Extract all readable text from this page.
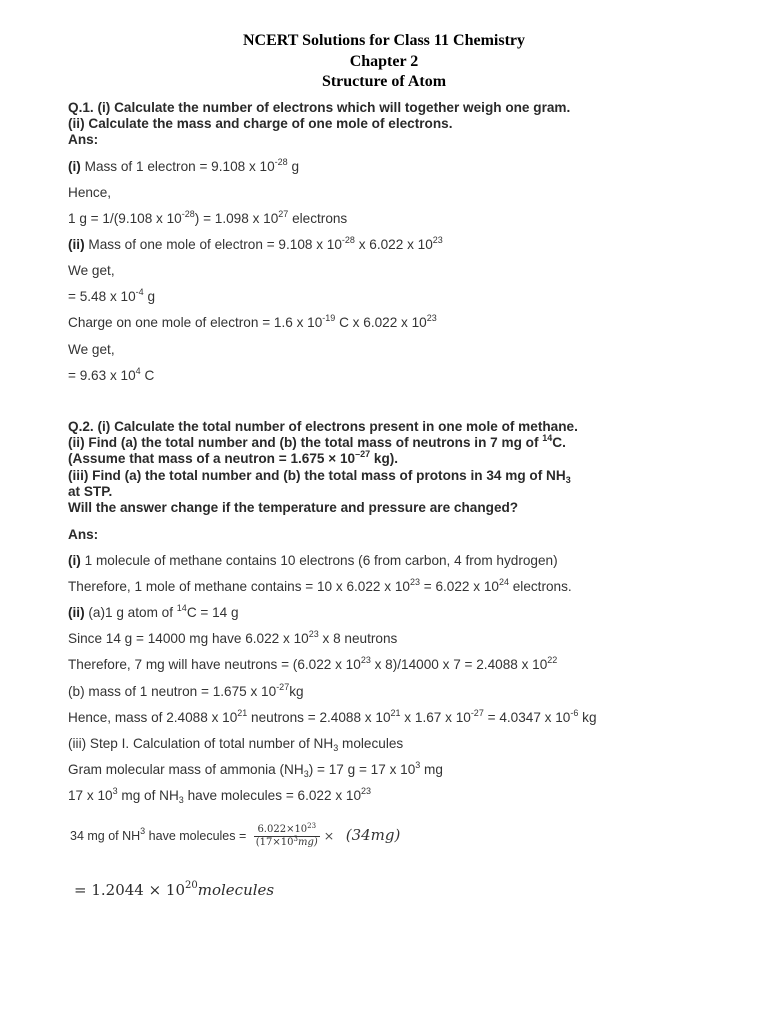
NCERT Solutions for Class 11 Chemistry
Chapter 2
Structure of Atom
Q.1. (i) Calculate the number of electrons which will together weigh one gram.
(ii) Calculate the mass and charge of one mole of electrons.
Ans:
(i) Mass of 1 electron = 9.108 x $10^{-28}$ g
Hence,
1 g = 1/(9.108 x $10^{-28}) = 1.098$ x $10^{27}$ electrons
(ii) Mass of one mole of electron = 9.108 x $10^{-28}$ x 6.022 x $10^{23}$
We get,
= 5.48 x $10^{-4}$ g
Charge on one mole of electron = 1.6 x $10^{-19}$ C x 6.022 x $10^{23}$
We get,
= 9.63 x $10^4$ C
Q.2. (i) Calculate the total number of electrons present in one mole of methane.
(ii) Find (a) the total number and (b) the total mass of neutrons in 7 mg of $^{14}$C.
(Assume that mass of a neutron = $1.675 \times 10^{-27}$ kg).
(iii) Find (a) the total number and (b) the total mass of protons in 34 mg of $NH_3$
at STP.
Will the answer change if the temperature and pressure are changed?
Ans:
(i) 1 molecule of methane contains 10 electrons (6 from carbon, 4 from hydrogen)
Therefore, 1 mole of methane contains = 10 x 6.022 x $10^{23} = 6.022$ x $10^{24}$ electrons.
(ii) (a)1 g atom of $^{14}$C = 14 g
Since 14 g = 14000 mg have 6.022 x $10^{23}$ x 8 neutrons
Therefore, 7 mg will have neutrons = (6.022 x $10^{23}$ x 8)/14000 x 7 = 2.4088 x $10^{22}$
(b) mass of 1 neutron = 1.675 x $10^{-27}kg$
Hence, mass of 2.4088 x $10^{21}$ neutrons = 2.4088 x $10^{21}$ x 1.67 x $10^{-27} = 4.0347$ x $10^{-6}$ kg
(iii) Step I. Calculation of total number of $NH_3$ molecules
Gram molecular mass of ammonia $(NH_3) = 17$ g = 17 x $10^3$ mg
17 x $10^3$ mg of $NH_3$ have molecules = 6.022 x $10^{23}$
34 mg of $NH^3$ have molecules = $\frac{6.022\times 10^{23}}{(17\times 10^3mg)} \times (34mg)$
= $1.2044 \times 10^{20}molecules$
